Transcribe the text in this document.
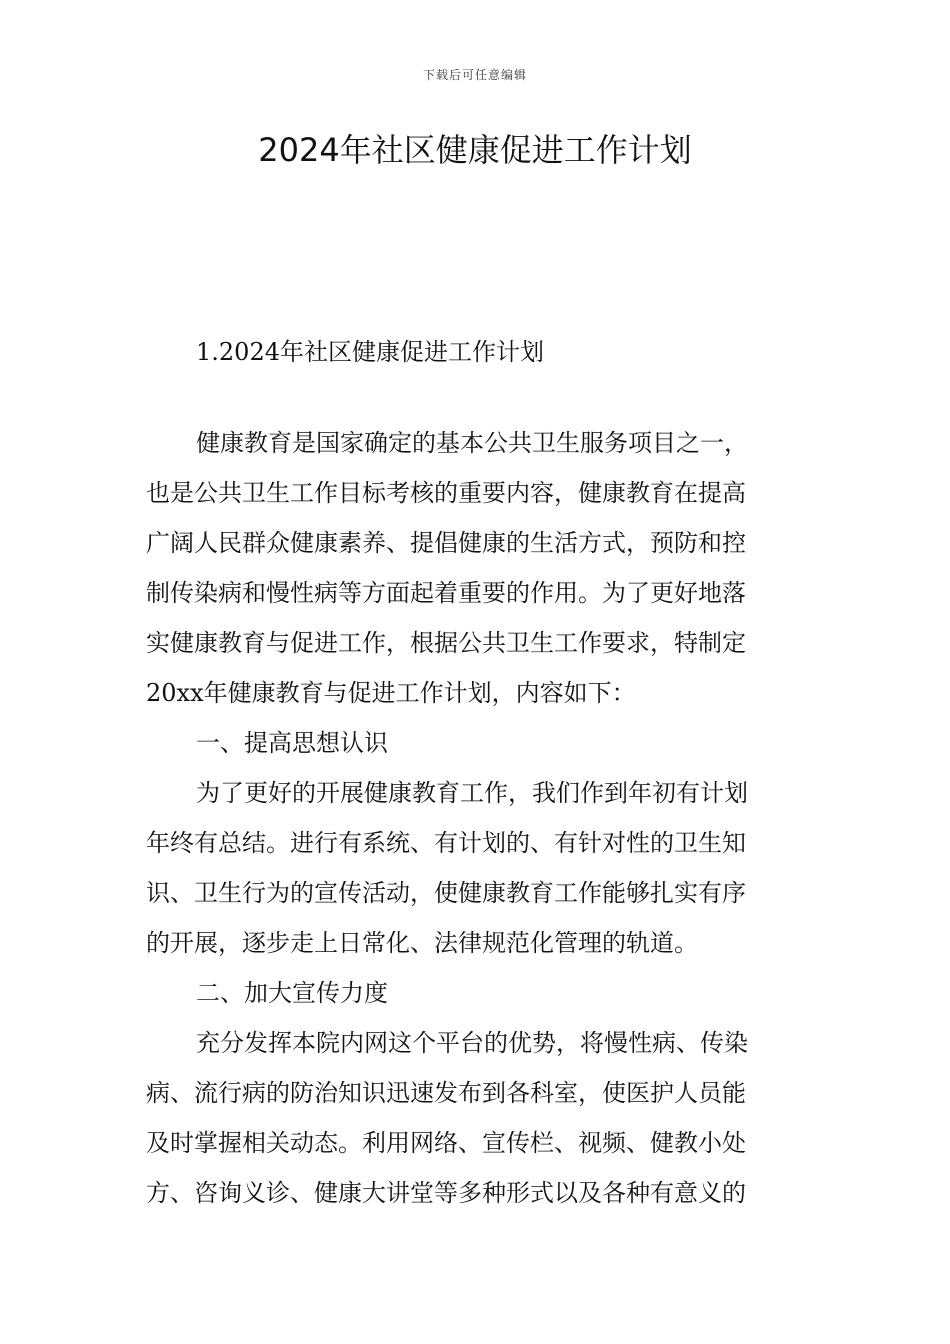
下载后可任意编辑
2024年社区健康促进工作计划
1.2024年社区健康促进工作计划
健康教育是国家确定的基本公共卫生服务项目之一，
也是公共卫生工作目标考核的重要内容，健康教育在提高
广阔人民群众健康素养、提倡健康的生活方式，预防和控
制传染病和慢性病等方面起着重要的作用。为了更好地落
实健康教育与促进工作，根据公共卫生工作要求，特制定
20xx年健康教育与促进工作计划，内容如下：
一、提高思想认识
为了更好的开展健康教育工作，我们作到年初有计划
年终有总结。进行有系统、有计划的、有针对性的卫生知
识、卫生行为的宣传活动，使健康教育工作能够扎实有序
的开展，逐步走上日常化、法律规范化管理的轨道。
二、加大宣传力度
充分发挥本院内网这个平台的优势，将慢性病、传染
病、流行病的防治知识迅速发布到各科室，使医护人员能
及时掌握相关动态。利用网络、宣传栏、视频、健教小处
方、咨询义诊、健康大讲堂等多种形式以及各种有意义的
